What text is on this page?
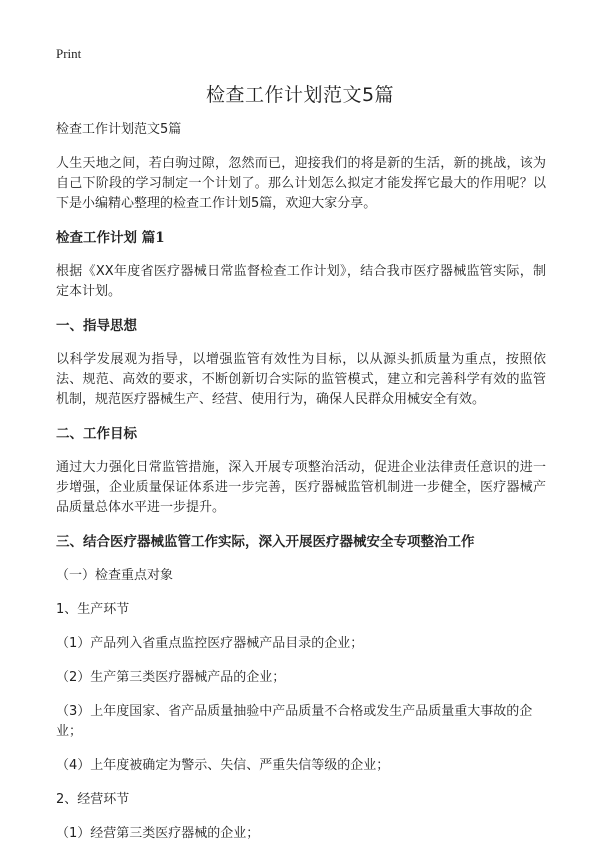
Print
检查工作计划范文5篇

检查工作计划范文5篇

人生天地之间，若白驹过隙，忽然而已，迎接我们的将是新的生活，新的挑战，该为自己下阶段的学习制定一个计划了。那么计划怎么拟定才能发挥它最大的作用呢？以下是小编精心整理的检查工作计划5篇，欢迎大家分享。

检查工作计划 篇1

根据《XX年度省医疗器械日常监督检查工作计划》，结合我市医疗器械监管实际，制定本计划。

一、指导思想

以科学发展观为指导，以增强监管有效性为目标，以从源头抓质量为重点，按照依法、规范、高效的要求，不断创新切合实际的监管模式，建立和完善科学有效的监管机制，规范医疗器械生产、经营、使用行为，确保人民群众用械安全有效。

二、工作目标

通过大力强化日常监管措施，深入开展专项整治活动，促进企业法律责任意识的进一步增强，企业质量保证体系进一步完善，医疗器械监管机制进一步健全，医疗器械产品质量总体水平进一步提升。

三、结合医疗器械监管工作实际，深入开展医疗器械安全专项整治工作

（一）检查重点对象

1、生产环节

（1）产品列入省重点监控医疗器械产品目录的企业；

（2）生产第三类医疗器械产品的企业；

（3）上年度国家、省产品质量抽验中产品质量不合格或发生产品质量重大事故的企业；

（4）上年度被确定为警示、失信、严重失信等级的企业；

2、经营环节

（1）经营第三类医疗器械的企业；
